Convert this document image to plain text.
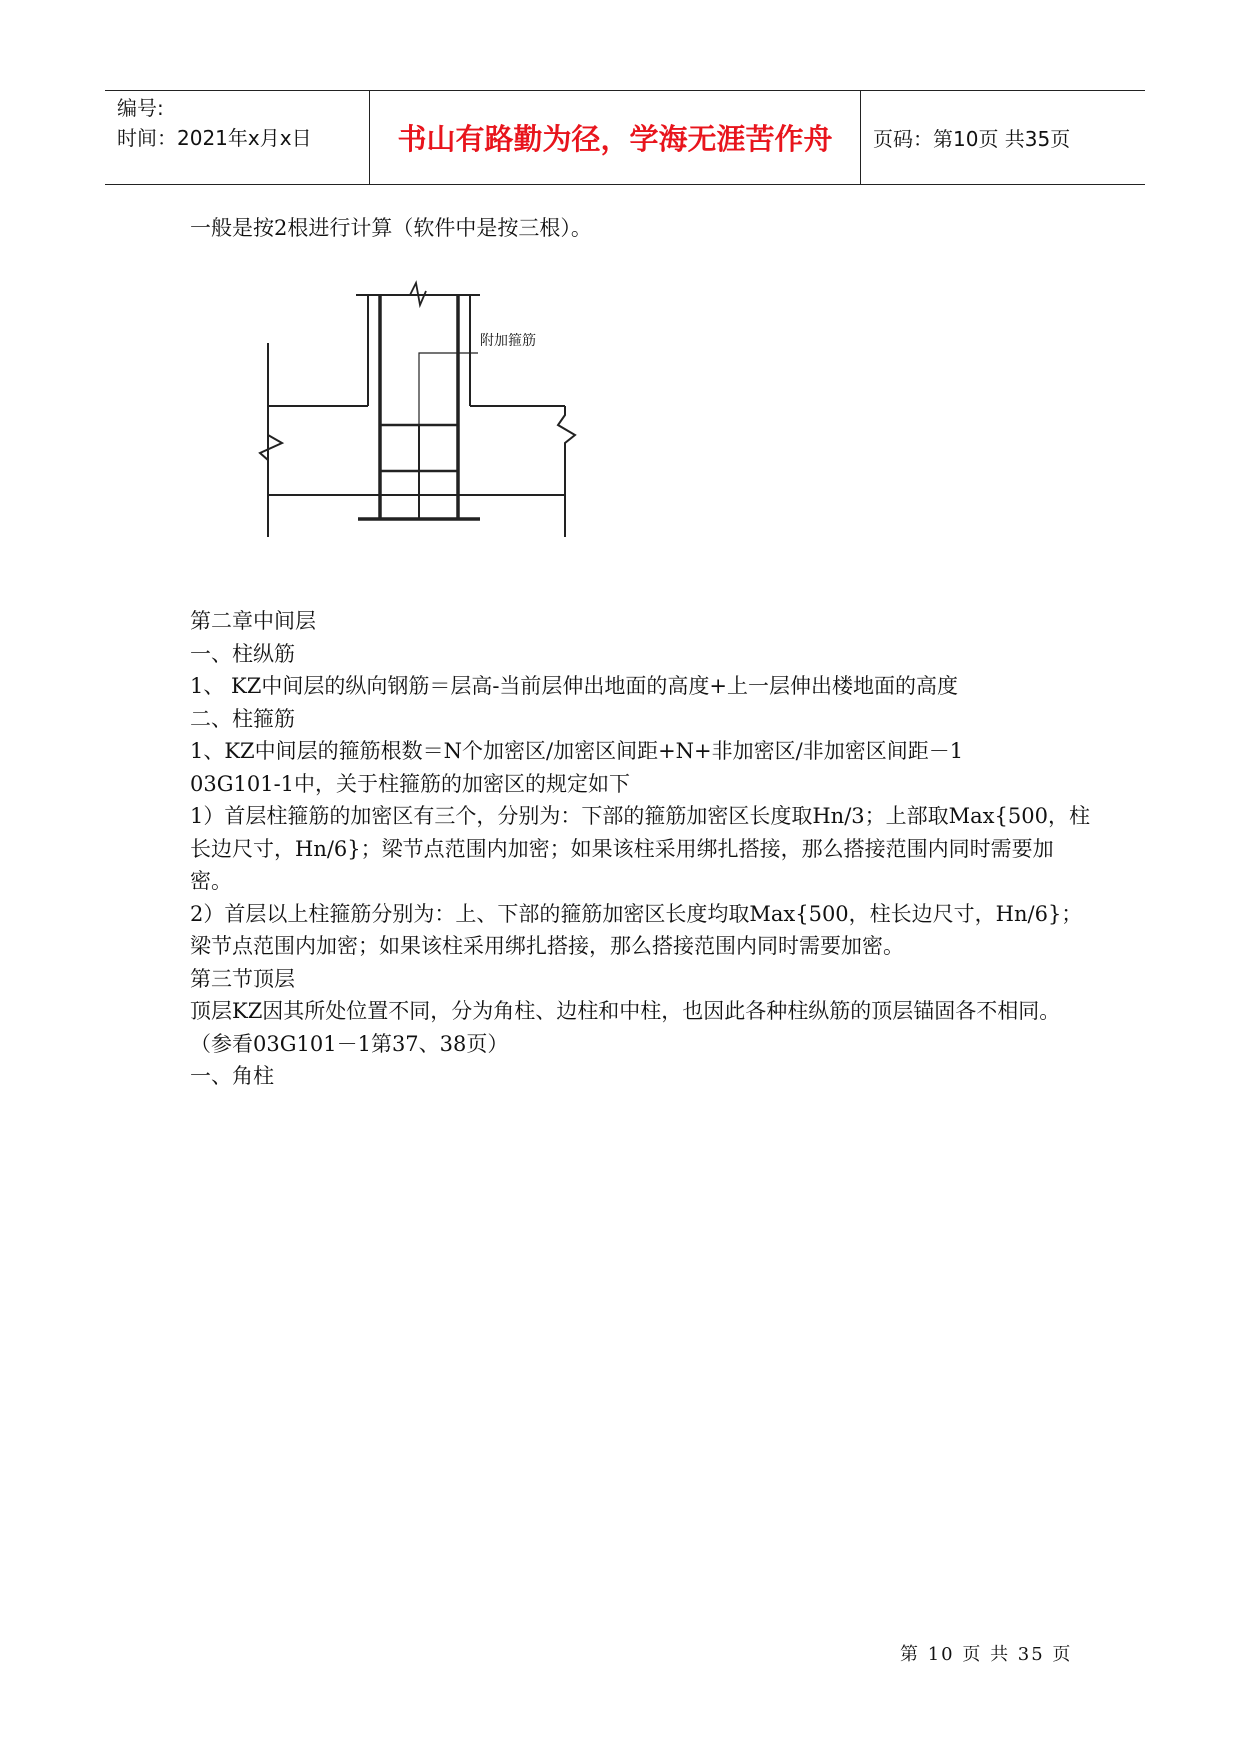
编号:
时间：2021年x月x日	书山有路勤为径，学海无涯苦作舟	页码：第10页 共35页
一般是按2根进行计算（软件中是按三根）。
附加箍筋

第二章中间层

一、柱纵筋

1、 KZ中间层的纵向钢筋＝层高-当前层伸出地面的高度+上一层伸出楼地面的高度

二、柱箍筋

1、KZ中间层的箍筋根数＝N个加密区/加密区间距+N+非加密区/非加密区间距－1

03G101-1中，关于柱箍筋的加密区的规定如下

1）首层柱箍筋的加密区有三个，分别为：下部的箍筋加密区长度取Hn/3；上部取Max{500，柱长边尺寸，Hn/6}；梁节点范围内加密；如果该柱采用绑扎搭接，那么搭接范围内同时需要加密。

2）首层以上柱箍筋分别为：上、下部的箍筋加密区长度均取Max{500，柱长边尺寸，Hn/6}；梁节点范围内加密；如果该柱采用绑扎搭接，那么搭接范围内同时需要加密。

第三节顶层

顶层KZ因其所处位置不同，分为角柱、边柱和中柱，也因此各种柱纵筋的顶层锚固各不相同。（参看03G101－1第37、38页）

一、角柱

第 10 页 共 35 页
